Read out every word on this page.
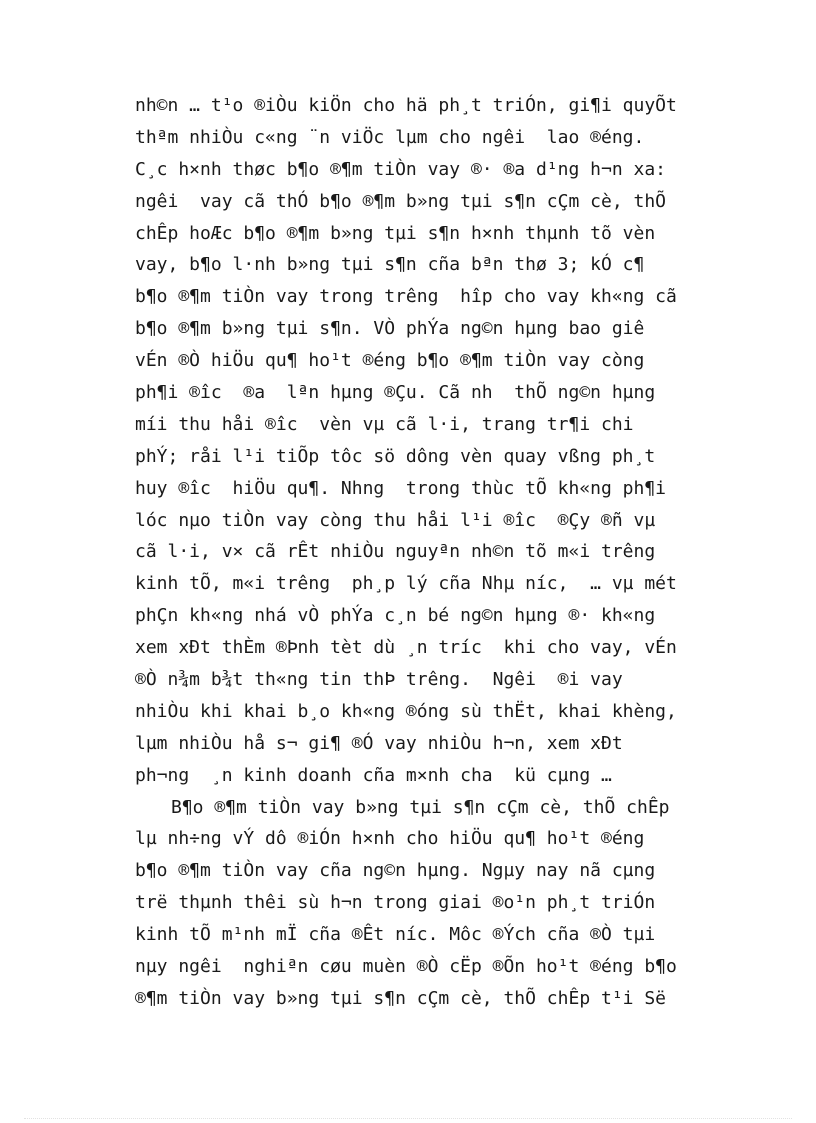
nh©n … t¹o ®iÒu kiÖn cho hä ph¸t triÓn, gi¶i quyÕt
thªm nhiÒu c«ng ¨n viÖc lµm cho ngêi  lao ®éng.
C¸c h×nh thøc b¶o ®¶m tiÒn vay ®· ®a d¹ng h¬n xa:
ngêi  vay cã thÓ b¶o ®¶m b»ng tµi s¶n cÇm cè, thÕ
chÊp hoÆc b¶o ®¶m b»ng tµi s¶n h×nh thµnh tõ vèn
vay, b¶o l·nh b»ng tµi s¶n cña bªn thø 3; kÓ c¶
b¶o ®¶m tiÒn vay trong trêng  hîp cho vay kh«ng cã
b¶o ®¶m b»ng tµi s¶n. VÒ phÝa ng©n hµng bao giê
vÉn ®Ò hiÖu qu¶ ho¹t ®éng b¶o ®¶m tiÒn vay còng
ph¶i ®îc  ®a  lªn hµng ®Çu. Cã nh  thÕ ng©n hµng
míi thu håi ®îc  vèn vµ cã l·i, trang tr¶i chi
phÝ; råi l¹i tiÕp tôc sö dông vèn quay vßng ph¸t
huy ®îc  hiÖu qu¶. Nhng  trong thùc tÕ kh«ng ph¶i
lóc nµo tiÒn vay còng thu håi l¹i ®îc  ®Çy ®ñ vµ
cã l·i, v× cã rÊt nhiÒu nguyªn nh©n tõ m«i trêng
kinh tÕ, m«i trêng  ph¸p lý cña Nhµ níc,  … vµ mét
phÇn kh«ng nhá vÒ phÝa c¸n bé ng©n hµng ®· kh«ng
xem xÐt thÈm ®Þnh tèt dù ¸n tríc  khi cho vay, vÉn
®Ò n¾m b¾t th«ng tin thÞ trêng.  Ngêi  ®i vay
nhiÒu khi khai b¸o kh«ng ®óng sù thËt, khai khèng,
lµm nhiÒu hå s¬ gi¶ ®Ó vay nhiÒu h¬n, xem xÐt
ph¬ng  ¸n kinh doanh cña m×nh cha  kü cµng …
B¶o ®¶m tiÒn vay b»ng tµi s¶n cÇm cè, thÕ chÊp
lµ nh÷ng vÝ dô ®iÓn h×nh cho hiÖu qu¶ ho¹t ®éng
b¶o ®¶m tiÒn vay cña ng©n hµng. Ngµy nay nã cµng
trë thµnh thêi sù h¬n trong giai ®o¹n ph¸t triÓn
kinh tÕ m¹nh mÏ cña ®Êt níc. Môc ®Ých cña ®Ò tµi
nµy ngêi  nghiªn cøu muèn ®Ò cËp ®Õn ho¹t ®éng b¶o
®¶m tiÒn vay b»ng tµi s¶n cÇm cè, thÕ chÊp t¹i Së
